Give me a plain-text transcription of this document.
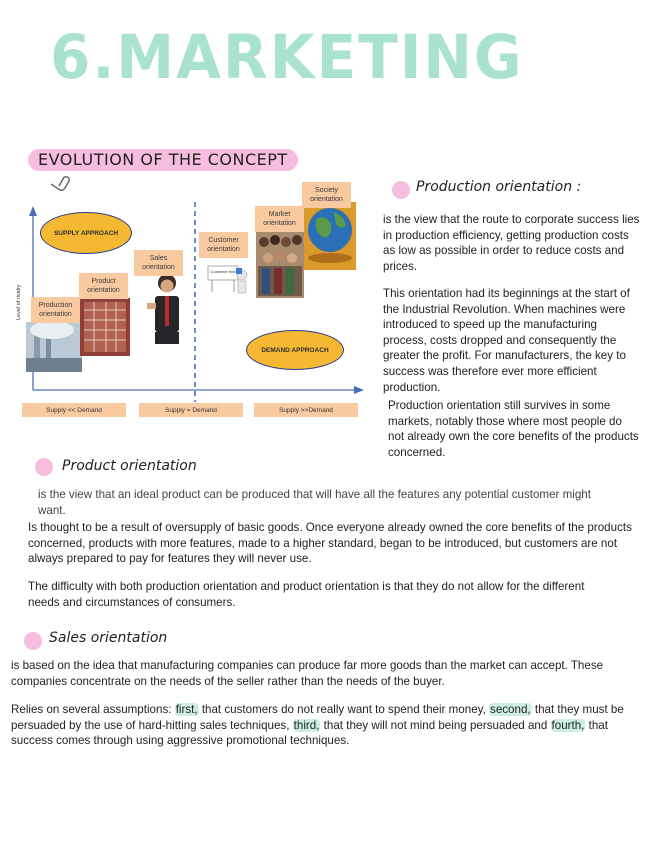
6.MARKETING
EVOLUTION OF THE CONCEPT
Production orientation
Product orientation
Sales orientation
Customer orientation
Market orientation
Society orientation
SUPPLY APPROACH
DEMAND APPROACH
Customer first
Level of rivalry
Supply << Demand	Supply = Demand	Supply >>Demand
Production orientation :
is the view that the route to corporate success lies in production efficiency, getting production costs as low as possible in order to reduce costs and prices.
This orientation had its beginnings at the start of the Industrial Revolution. When machines were introduced to speed up the manufacturing process, costs dropped and consequently the greater the profit. For manufacturers, the key to success was therefore ever more efficient production.
Production orientation still survives in some markets, notably those where most people do not already own the core benefits of the products concerned.
Product orientation
is the view that an ideal product can be produced that will have all the features any potential customer might want.
Is thought to be a result of oversupply of basic goods. Once everyone already owned the core benefits of the products concerned, products with more features, made to a higher standard, began to be introduced, but customers are not always prepared to pay for features they will never use.
The difficulty with both production orientation and product orientation is that they do not allow for the different needs and circumstances of consumers.
Sales orientation
is based on the idea that manufacturing companies can produce far more goods than the market can accept. These companies concentrate on the needs of the seller rather than the needs of the buyer.
Relies on several assumptions: first, that customers do not really want to spend their money, second, that they must be persuaded by the use of hard-hitting sales techniques, third, that they will not mind being persuaded and fourth, that success comes through using aggressive promotional techniques.
